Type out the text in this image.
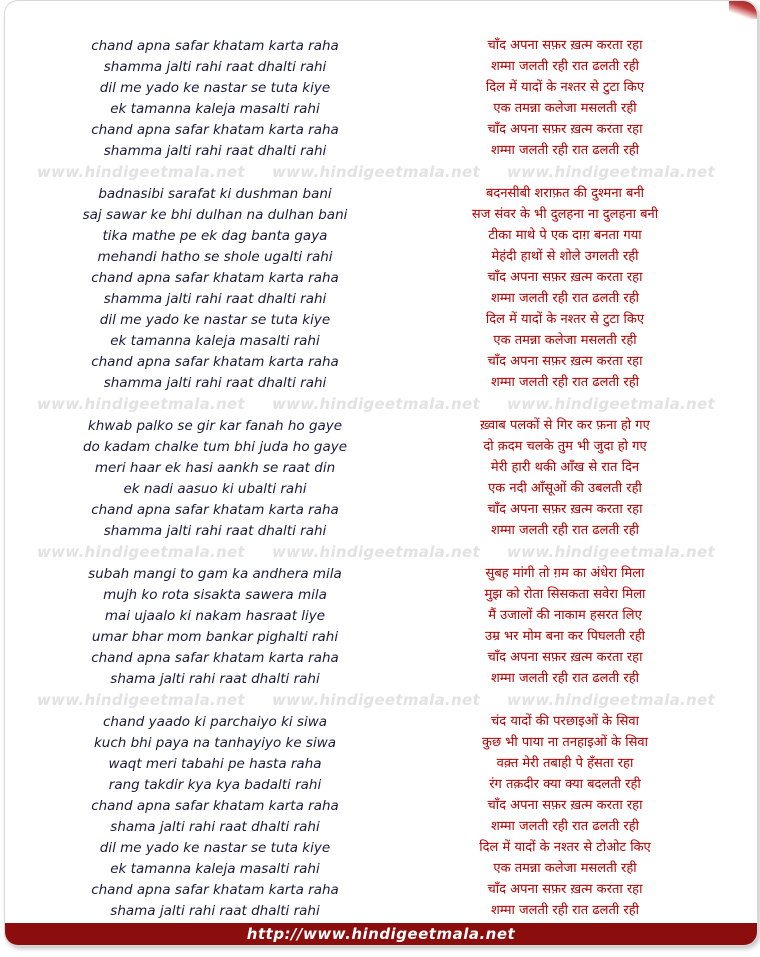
chand apna safar khatam karta raha	चाँद अपना सफ़र ख़त्म करता रहा
shamma jalti rahi raat dhalti rahi	शम्मा जलती रही रात ढलती रही
dil me yado ke nastar se tuta kiye	दिल में यादों के नश्तर से टुटा किए
ek tamanna kaleja masalti rahi	एक तमन्ना कलेजा मसलती रही
chand apna safar khatam karta raha	चाँद अपना सफ़र ख़त्म करता रहा
shamma jalti rahi raat dhalti rahi	शम्मा जलती रही रात ढलती रही
www.hindigeetmala.net www.hindigeetmala.net www.hindigeetmala.net
badnasibi sarafat ki dushman bani	बदनसीबी शराफ़त की दुश्मना बनी
saj sawar ke bhi dulhan na dulhan bani	सज संवर के भी दुलहना ना दुलहना बनी
tika mathe pe ek dag banta gaya	टीका माथे पे एक दाग़ बनता गया
mehandi hatho se shole ugalti rahi	मेहंदी हाथों से शोले उगलती रही
chand apna safar khatam karta raha	चाँद अपना सफ़र ख़त्म करता रहा
shamma jalti rahi raat dhalti rahi	शम्मा जलती रही रात ढलती रही
dil me yado ke nastar se tuta kiye	दिल में यादों के नश्तर से टुटा किए
ek tamanna kaleja masalti rahi	एक तमन्ना कलेजा मसलती रही
chand apna safar khatam karta raha	चाँद अपना सफ़र ख़त्म करता रहा
shamma jalti rahi raat dhalti rahi	शम्मा जलती रही रात ढलती रही
www.hindigeetmala.net www.hindigeetmala.net www.hindigeetmala.net
khwab palko se gir kar fanah ho gaye	ख़्वाब पलकों से गिर कर फ़ना हो गए
do kadam chalke tum bhi juda ho gaye	दो क़दम चलके तुम भी जुदा हो गए
meri haar ek hasi aankh se raat din	मेरी हारी थकी आँख से रात दिन
ek nadi aasuo ki ubalti rahi	एक नदी आँसूओं की उबलती रही
chand apna safar khatam karta raha	चाँद अपना सफ़र ख़त्म करता रहा
shamma jalti rahi raat dhalti rahi	शम्मा जलती रही रात ढलती रही
www.hindigeetmala.net www.hindigeetmala.net www.hindigeetmala.net
subah mangi to gam ka andhera mila	सुबह मांगी तो ग़म का अंधेरा मिला
mujh ko rota sisakta sawera mila	मुझ को रोता सिसकता सवेरा मिला
mai ujaalo ki nakam hasraat liye	मैं उजालों की नाकाम हसरत लिए
umar bhar mom bankar pighalti rahi	उम्र भर मोम बना कर पिघलती रही
chand apna safar khatam karta raha	चाँद अपना सफ़र ख़त्म करता रहा
shama jalti rahi raat dhalti rahi	शम्मा जलती रही रात ढलती रही
www.hindigeetmala.net www.hindigeetmala.net www.hindigeetmala.net
chand yaado ki parchaiyo ki siwa	चंद यादों की परछाइओं के सिवा
kuch bhi paya na tanhayiyo ke siwa	कुछ भी पाया ना तनहाइओं के सिवा
waqt meri tabahi pe hasta raha	वक़्त मेरी तबाही पे हँसता रहा
rang takdir kya kya badalti rahi	रंग तक़दीर क्या क्या बदलती रही
chand apna safar khatam karta raha	चाँद अपना सफ़र ख़त्म करता रहा
shama jalti rahi raat dhalti rahi	शम्मा जलती रही रात ढलती रही
dil me yado ke nastar se tuta kiye	दिल में यादों के नश्तर से टोओट किए
ek tamanna kaleja masalti rahi	एक तमन्ना कलेजा मसलती रही
chand apna safar khatam karta raha	चाँद अपना सफ़र ख़त्म करता रहा
shama jalti rahi raat dhalti rahi	शम्मा जलती रही रात ढलती रही
http://www.hindigeetmala.net
